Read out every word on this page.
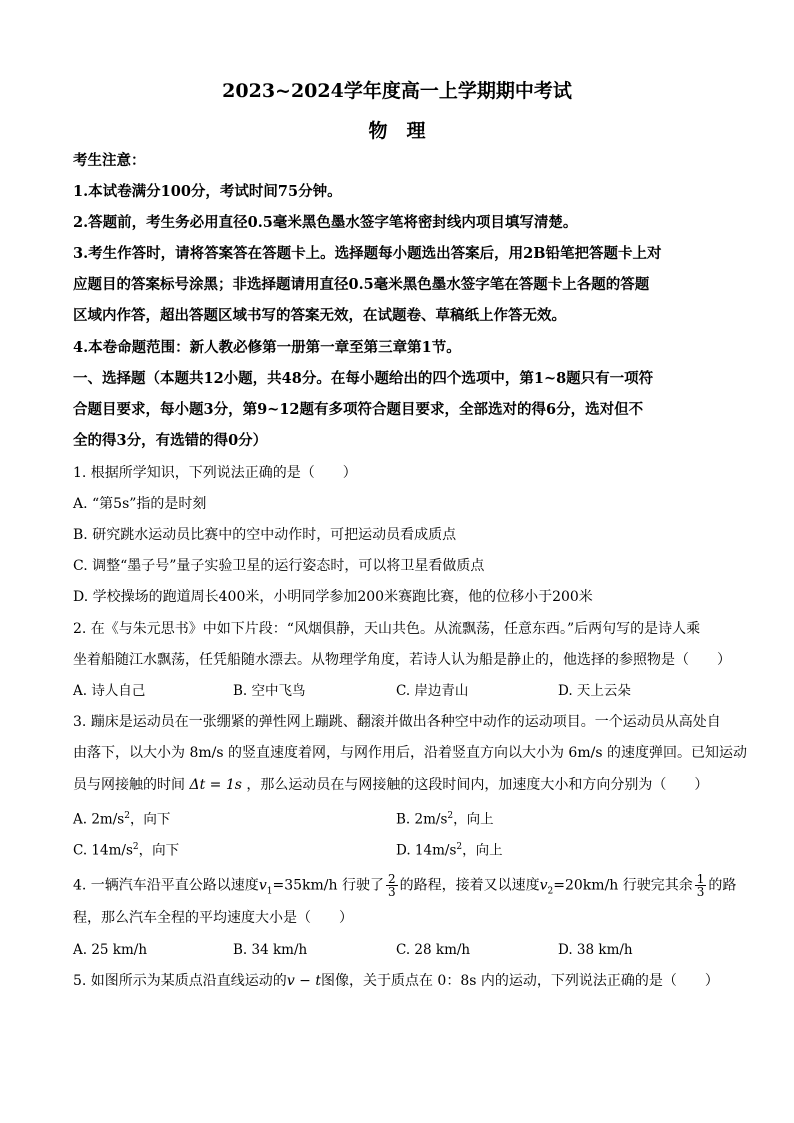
2023~2024学年度高一上学期期中考试
物　理
考生注意：
1.本试卷满分100分，考试时间75分钟。
2.答题前，考生务必用直径0.5毫米黑色墨水签字笔将密封线内项目填写清楚。
3.考生作答时，请将答案答在答题卡上。选择题每小题选出答案后，用2B铅笔把答题卡上对
应题目的答案标号涂黑；非选择题请用直径0.5毫米黑色墨水签字笔在答题卡上各题的答题
区域内作答，超出答题区域书写的答案无效，在试题卷、草稿纸上作答无效。
4.本卷命题范围：新人教必修第一册第一章至第三章第1节。
一、选择题（本题共12小题，共48分。在每小题给出的四个选项中，第1~8题只有一项符
合题目要求，每小题3分，第9~12题有多项符合题目要求，全部选对的得6分，选对但不
全的得3分，有选错的得0分）
1. 根据所学知识，下列说法正确的是（　　）
A. “第5s”指的是时刻
B. 研究跳水运动员比赛中的空中动作时，可把运动员看成质点
C. 调整“墨子号”量子实验卫星的运行姿态时，可以将卫星看做质点
D. 学校操场的跑道周长400米，小明同学参加200米赛跑比赛，他的位移小于200米
2. 在《与朱元思书》中如下片段：“风烟俱静，天山共色。从流飘荡，任意东西。”后两句写的是诗人乘
坐着船随江水飘荡，任凭船随水漂去。从物理学角度，若诗人认为船是静止的，他选择的参照物是（　　）
A. 诗人自己	B. 空中飞鸟	C. 岸边青山	D. 天上云朵
3. 蹦床是运动员在一张绷紧的弹性网上蹦跳、翻滚并做出各种空中动作的运动项目。一个运动员从高处自
由落下，以大小为 8m/s 的竖直速度着网，与网作用后，沿着竖直方向以大小为 6m/s 的速度弹回。已知运动
员与网接触的时间 Δt = 1s ，那么运动员在与网接触的这段时间内，加速度大小和方向分别为（　　）
A. $2m/s^2$，向下	B. $2m/s^2$，向上
C. $14m/s^2$，向下	D. $14m/s^2$，向上
4. 一辆汽车沿平直公路以速度$v_1=35km/h$ 行驶了 $\frac{2}{3}$ 的路程，接着又以速度$v_2=20km/h$ 行驶完其余 $\frac{1}{3}$ 的路
程，那么汽车全程的平均速度大小是（　　）
A. 25 km/h	B. 34 km/h	C. 28 km/h	D. 38 km/h
5. 如图所示为某质点沿直线运动的v − t图像，关于质点在 0：8s 内的运动，下列说法正确的是（　　）
